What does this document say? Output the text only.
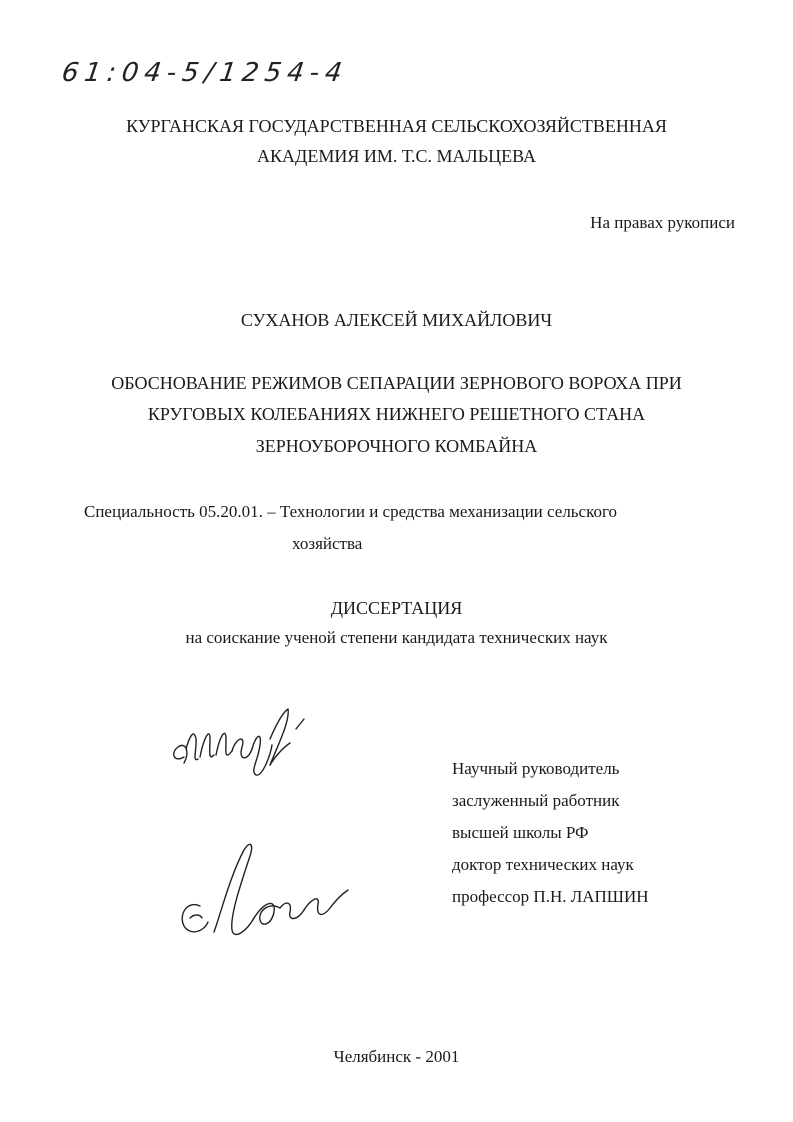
61:04-5/1254-4
КУРГАНСКАЯ ГОСУДАРСТВЕННАЯ СЕЛЬСКОХОЗЯЙСТВЕННАЯ
АКАДЕМИЯ ИМ. Т.С. МАЛЬЦЕВА
На правах рукописи
СУХАНОВ АЛЕКСЕЙ МИХАЙЛОВИЧ
ОБОСНОВАНИЕ РЕЖИМОВ СЕПАРАЦИИ ЗЕРНОВОГО ВОРОХА ПРИ
КРУГОВЫХ КОЛЕБАНИЯХ НИЖНЕГО РЕШЕТНОГО СТАНА
ЗЕРНОУБОРОЧНОГО КОМБАЙНА
Специальность 05.20.01. – Технологии и средства механизации сельского
хозяйства
ДИССЕРТАЦИЯ
на соискание ученой степени кандидата технических наук
Научный руководитель
заслуженный работник
высшей школы РФ
доктор технических наук
профессор П.Н. ЛАПШИН
Челябинск - 2001
